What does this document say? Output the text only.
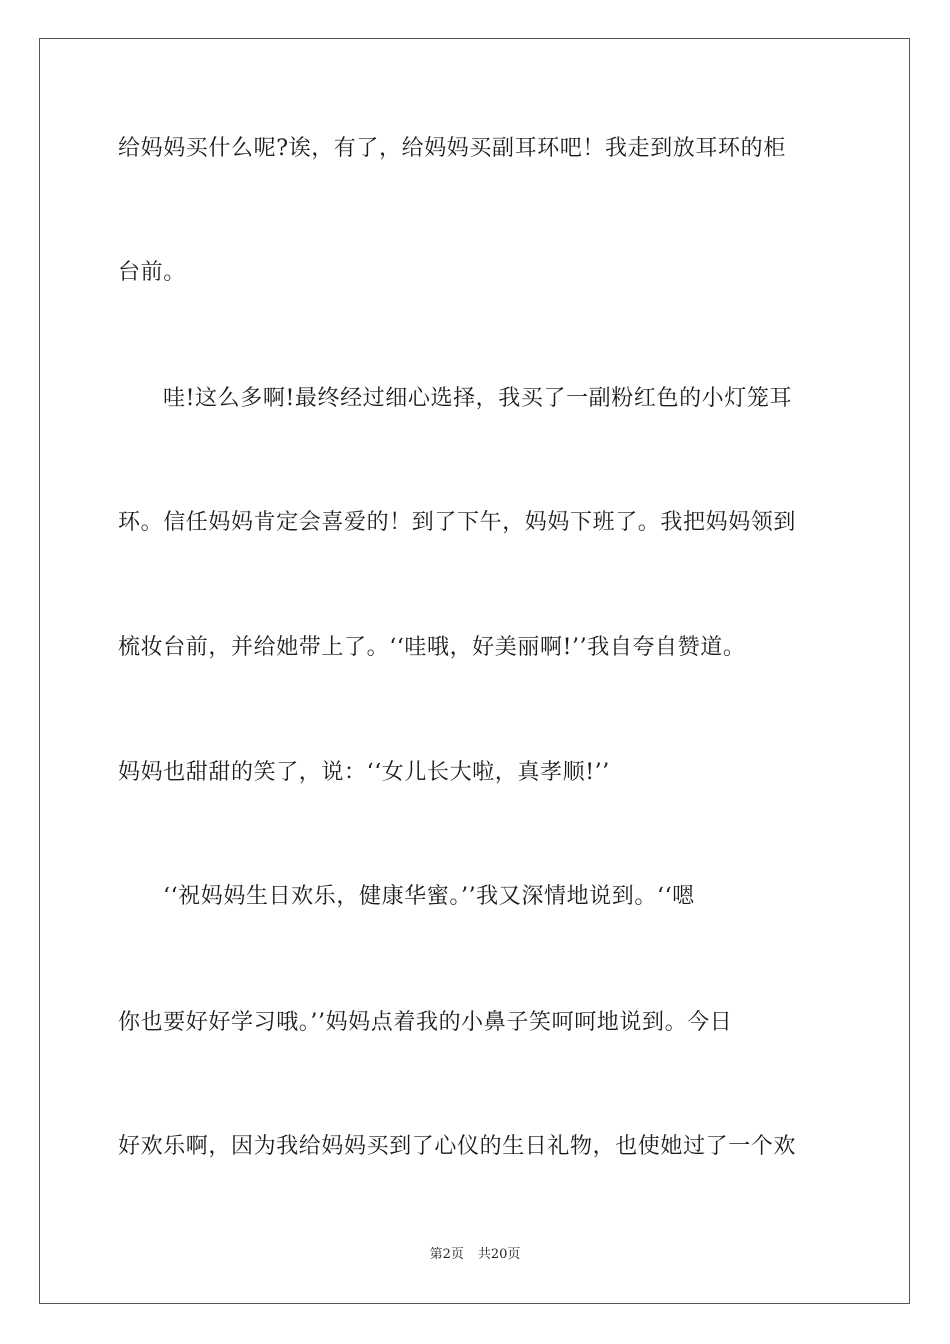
给妈妈买什么呢?诶，有了，给妈妈买副耳环吧！我走到放耳环的柜
台前。
哇!这么多啊!最终经过细心选择，我买了一副粉红色的小灯笼耳
环。信任妈妈肯定会喜爱的！到了下午，妈妈下班了。我把妈妈领到
梳妆台前，并给她带上了。‘‘哇哦，好美丽啊!’’我自夸自赞道。
妈妈也甜甜的笑了，说：‘‘女儿长大啦，真孝顺!’’
‘‘祝妈妈生日欢乐，健康华蜜。’’我又深情地说到。‘‘嗯
你也要好好学习哦。’’妈妈点着我的小鼻子笑呵呵地说到。今日
好欢乐啊，因为我给妈妈买到了心仪的生日礼物，也使她过了一个欢
第2页 共20页
